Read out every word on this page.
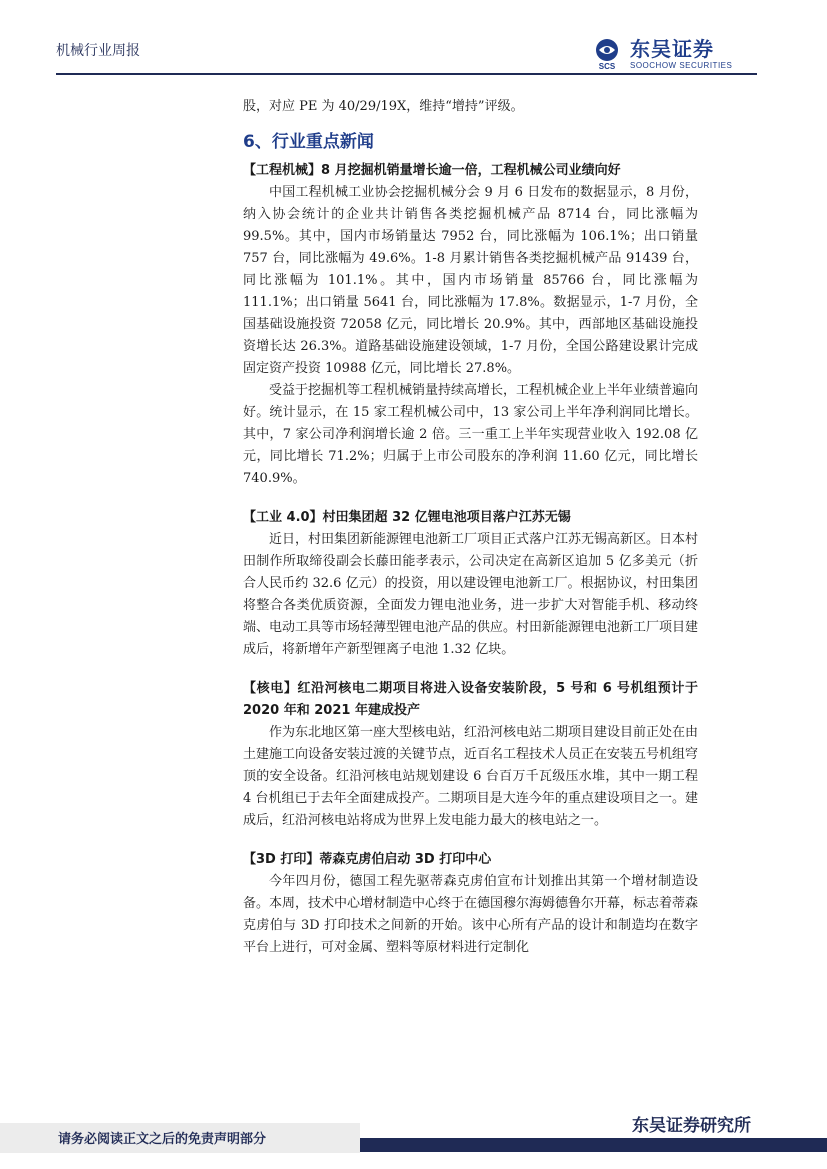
机械行业周报
SCS
东吴证券
SOOCHOW SECURITIES

股，对应 PE 为 40/29/19X，维持“增持”评级。

6、行业重点新闻

【工程机械】8 月挖掘机销量增长逾一倍，工程机械公司业绩向好

中国工程机械工业协会挖掘机械分会 9 月 6 日发布的数据显示，8 月份，纳入协会统计的企业共计销售各类挖掘机械产品 8714 台，同比涨幅为 99.5%。其中，国内市场销量达 7952 台，同比涨幅为 106.1%；出口销量 757 台，同比涨幅为 49.6%。1-8 月累计销售各类挖掘机械产品 91439 台，同比涨幅为 101.1%。其中，国内市场销量 85766 台，同比涨幅为 111.1%；出口销量 5641 台，同比涨幅为 17.8%。数据显示，1-7 月份，全国基础设施投资 72058 亿元，同比增长 20.9%。其中，西部地区基础设施投资增长达 26.3%。道路基础设施建设领域，1-7 月份，全国公路建设累计完成固定资产投资 10988 亿元，同比增长 27.8%。

受益于挖掘机等工程机械销量持续高增长，工程机械企业上半年业绩普遍向好。统计显示，在 15 家工程机械公司中，13 家公司上半年净利润同比增长。其中，7 家公司净利润增长逾 2 倍。三一重工上半年实现营业收入 192.08 亿元，同比增长 71.2%；归属于上市公司股东的净利润 11.60 亿元，同比增长 740.9%。

【工业 4.0】村田集团超 32 亿锂电池项目落户江苏无锡

近日，村田集团新能源锂电池新工厂项目正式落户江苏无锡高新区。日本村田制作所取缔役副会长藤田能孝表示，公司决定在高新区追加 5 亿多美元（折合人民币约 32.6 亿元）的投资，用以建设锂电池新工厂。根据协议，村田集团将整合各类优质资源，全面发力锂电池业务，进一步扩大对智能手机、移动终端、电动工具等市场轻薄型锂电池产品的供应。村田新能源锂电池新工厂项目建成后，将新增年产新型锂离子电池 1.32 亿块。

【核电】红沿河核电二期项目将进入设备安装阶段，5 号和 6 号机组预计于 2020 年和 2021 年建成投产

作为东北地区第一座大型核电站，红沿河核电站二期项目建设目前正处在由土建施工向设备安装过渡的关键节点，近百名工程技术人员正在安装五号机组穹顶的安全设备。红沿河核电站规划建设 6 台百万千瓦级压水堆，其中一期工程 4 台机组已于去年全面建成投产。二期项目是大连今年的重点建设项目之一。建成后，红沿河核电站将成为世界上发电能力最大的核电站之一。

【3D 打印】蒂森克虏伯启动 3D 打印中心

今年四月份，德国工程先驱蒂森克虏伯宣布计划推出其第一个增材制造设备。本周，技术中心增材制造中心终于在德国穆尔海姆德鲁尔开幕，标志着蒂森克虏伯与 3D 打印技术之间新的开始。该中心所有产品的设计和制造均在数字平台上进行，可对金属、塑料等原材料进行定制化

请务必阅读正文之后的免责声明部分
东吴证券研究所
